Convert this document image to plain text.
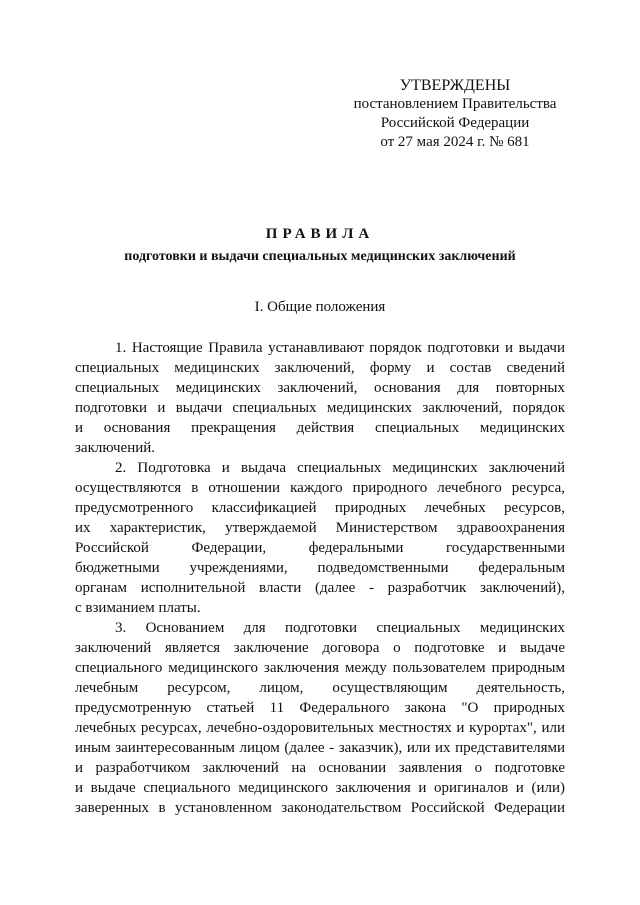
УТВЕРЖДЕНЫ
постановлением Правительства
Российской Федерации
от 27 мая 2024 г. № 681
ПРАВИЛА
подготовки и выдачи специальных медицинских заключений
I. Общие положения
1. Настоящие Правила устанавливают порядок подготовки и выдачи
специальных медицинских заключений, форму и состав сведений
специальных медицинских заключений, основания для повторных
подготовки и выдачи специальных медицинских заключений, порядок
и основания прекращения действия специальных медицинских
заключений.
2. Подготовка и выдача специальных медицинских заключений
осуществляются в отношении каждого природного лечебного ресурса,
предусмотренного классификацией природных лечебных ресурсов,
их характеристик, утверждаемой Министерством здравоохранения
Российской Федерации, федеральными государственными
бюджетными учреждениями, подведомственными федеральным
органам исполнительной власти (далее - разработчик заключений),
с взиманием платы.
3. Основанием для подготовки специальных медицинских
заключений является заключение договора о подготовке и выдаче
специального медицинского заключения между пользователем природным
лечебным ресурсом, лицом, осуществляющим деятельность,
предусмотренную статьей 11 Федерального закона "О природных
лечебных ресурсах, лечебно-оздоровительных местностях и курортах", или
иным заинтересованным лицом (далее - заказчик), или их представителями
и разработчиком заключений на основании заявления о подготовке
и выдаче специального медицинского заключения и оригиналов и (или)
заверенных в установленном законодательством Российской Федерации
